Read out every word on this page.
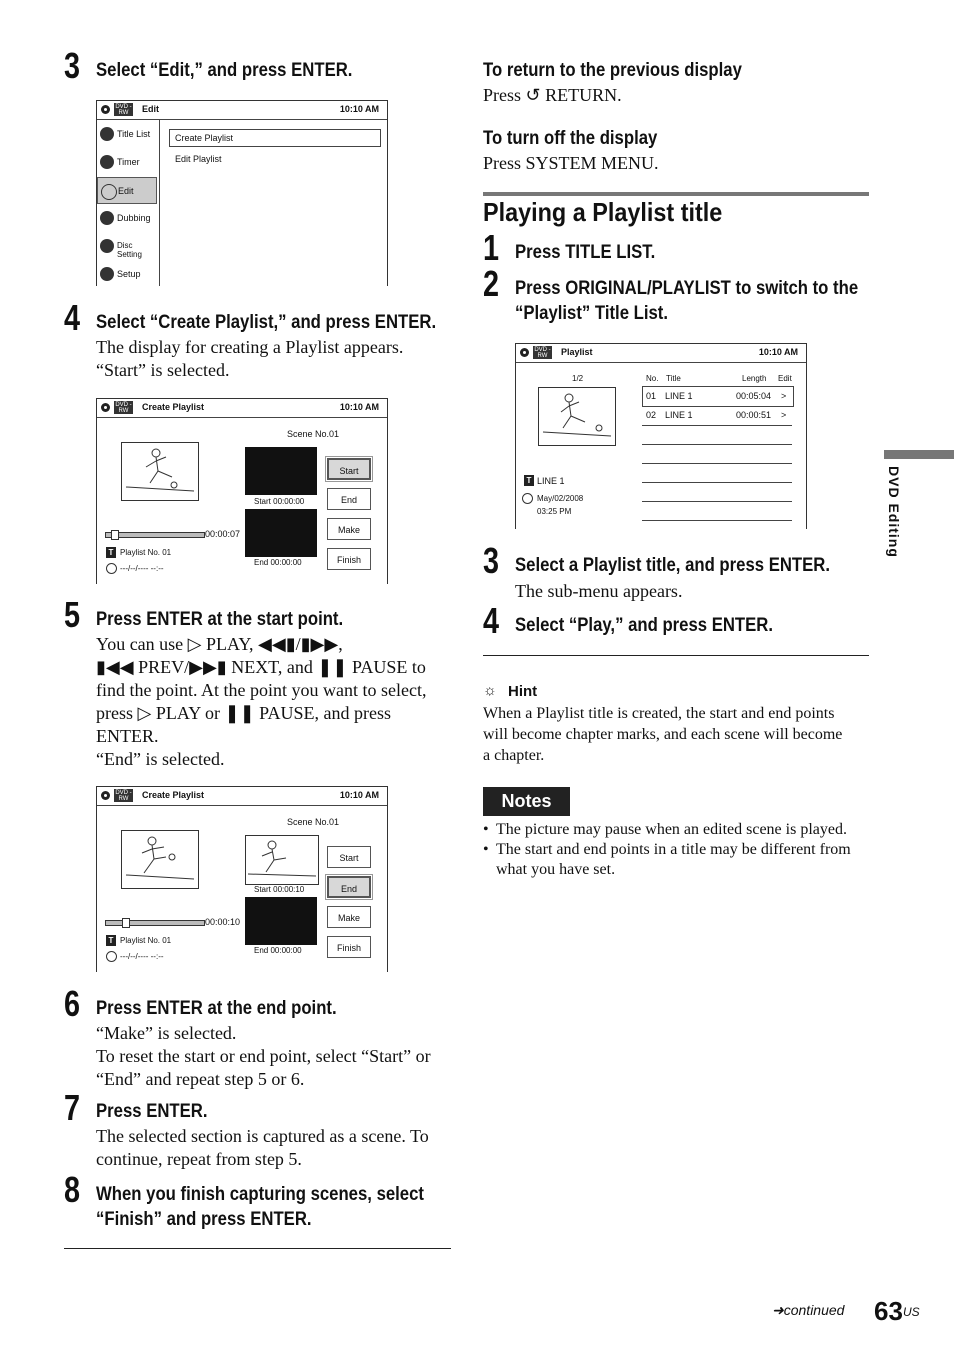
3 Select “Edit,” and press ENTER.
DVD -RW	Edit	10:10 AM
Title List
Timer
Edit
Dubbing
Disc Setting
Setup
Create Playlist
Edit Playlist
4 Select “Create Playlist,” and press ENTER.
The display for creating a Playlist appears.
“Start” is selected.
DVD -RW	Create Playlist	10:10 AM
Scene No.01
Start 00:00:00
End 00:00:00
Start
End
Make
Finish
00:00:07
T Playlist No. 01
---/--/---- --:--
5 Press ENTER at the start point.
You can use ▷ PLAY, ◀◀▮/▮▶▶,
▮◀◀ PREV/▶▶▮ NEXT, and ❚❚ PAUSE to
find the point. At the point you want to select,
press ▷ PLAY or ❚❚ PAUSE, and press
ENTER.
“End” is selected.
DVD -RW	Create Playlist	10:10 AM
Scene No.01
Start 00:00:10
End 00:00:00
Start
End
Make
Finish
00:00:10
T Playlist No. 01
---/--/---- --:--
6 Press ENTER at the end point.
“Make” is selected.
To reset the start or end point, select “Start” or
“End” and repeat step 5 or 6.
7 Press ENTER.
The selected section is captured as a scene. To
continue, repeat from step 5.
8 When you finish capturing scenes, select
“Finish” and press ENTER.
To return to the previous display
Press ↺ RETURN.
To turn off the display
Press SYSTEM MENU.
Playing a Playlist title
1 Press TITLE LIST.
2 Press ORIGINAL/PLAYLIST to switch to the
“Playlist” Title List.
DVD -RW	Playlist	10:10 AM
1/2	No. Title	Length Edit
01 LINE 1	00:05:04 >
02 LINE 1	00:00:51 >
T LINE 1
May/02/2008
03:25 PM
3 Select a Playlist title, and press ENTER.
The sub-menu appears.
4 Select “Play,” and press ENTER.
☼ Hint
When a Playlist title is created, the start and end points
will become chapter marks, and each scene will become
a chapter.
Notes
• The picture may pause when an edited scene is played.
• The start and end points in a title may be different from
what you have set.
DVD Editing
➜continued 63 US
